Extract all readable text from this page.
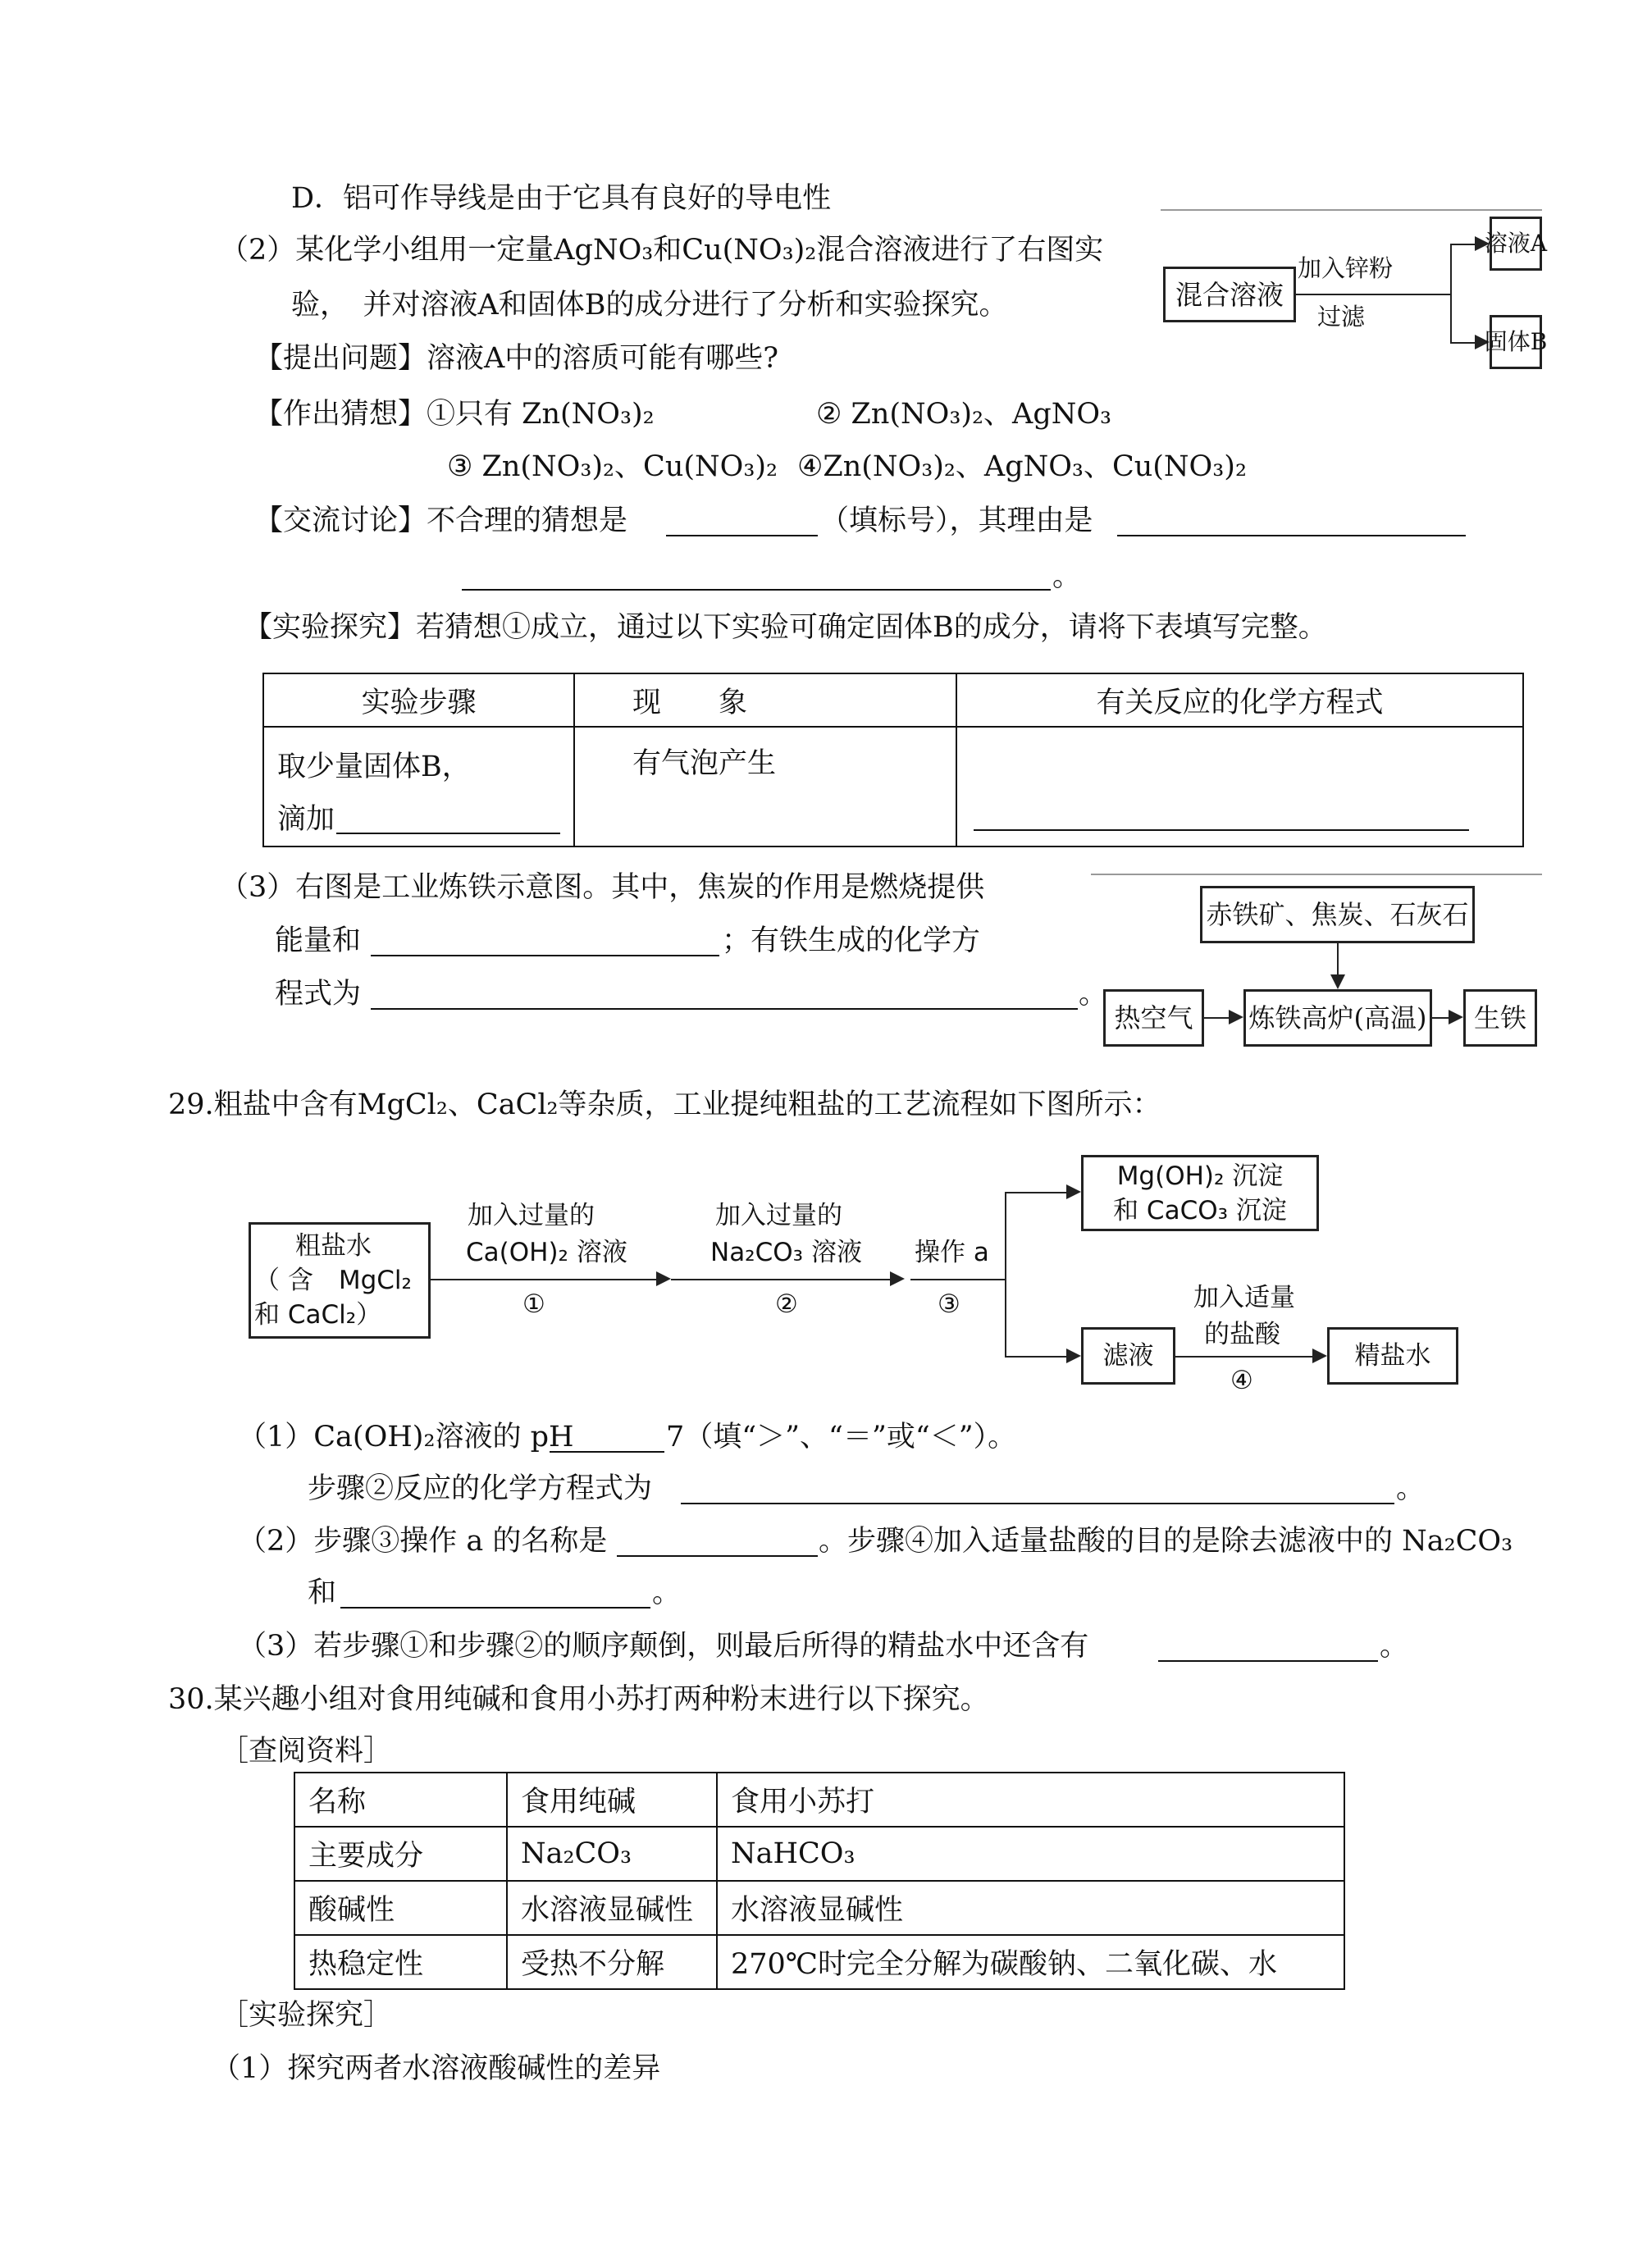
D．铝可作导线是由于它具有良好的导电性
（2）某化学小组用一定量AgNO₃和Cu(NO₃)₂混合溶液进行了右图实
验，　并对溶液A和固体B的成分进行了分析和实验探究。
【提出问题】溶液A中的溶质可能有哪些?
【作出猜想】①只有 Zn(NO₃)₂	② Zn(NO₃)₂、AgNO₃
③ Zn(NO₃)₂、Cu(NO₃)₂ ④Zn(NO₃)₂、AgNO₃、Cu(NO₃)₂
【交流讨论】不合理的猜想是	（填标号），其理由是
。
【实验探究】若猜想①成立，通过以下实验可确定固体B的成分，请将下表填写完整。
混合溶液
加入锌粉
过滤
溶液A
固体B
实验步骤	现　　象	有关反应的化学方程式

取少量固体B，
滴加	有气泡产生	
（3）右图是工业炼铁示意图。其中，焦炭的作用是燃烧提供
能量和	；有铁生成的化学方
程式为	。
赤铁矿、焦炭、石灰石
热空气 炼铁高炉(高温) 生铁
29.粗盐中含有MgCl₂、CaCl₂等杂质，工业提纯粗盐的工艺流程如下图所示：
粗盐水
（ 含　MgCl₂
和 CaCl₂）
加入过量的
Ca(OH)₂ 溶液
①
加入过量的
Na₂CO₃ 溶液
②
操作 a
③
Mg(OH)₂ 沉淀
和 CaCO₃ 沉淀
滤液
加入适量
的盐酸
④
精盐水
（1）Ca(OH)₂溶液的 pH	7（填“＞”、“＝”或“＜”）。
步骤②反应的化学方程式为	。
（2）步骤③操作 a 的名称是	。步骤④加入适量盐酸的目的是除去滤液中的 Na₂CO₃
和	。
（3）若步骤①和步骤②的顺序颠倒，则最后所得的精盐水中还含有	。
30.某兴趣小组对食用纯碱和食用小苏打两种粉末进行以下探究。
［查阅资料］
名称	食用纯碱	食用小苏打
主要成分	Na₂CO₃	NaHCO₃
酸碱性	水溶液显碱性	水溶液显碱性
热稳定性	受热不分解	270℃时完全分解为碳酸钠、二氧化碳、水
［实验探究］
（1）探究两者水溶液酸碱性的差异
